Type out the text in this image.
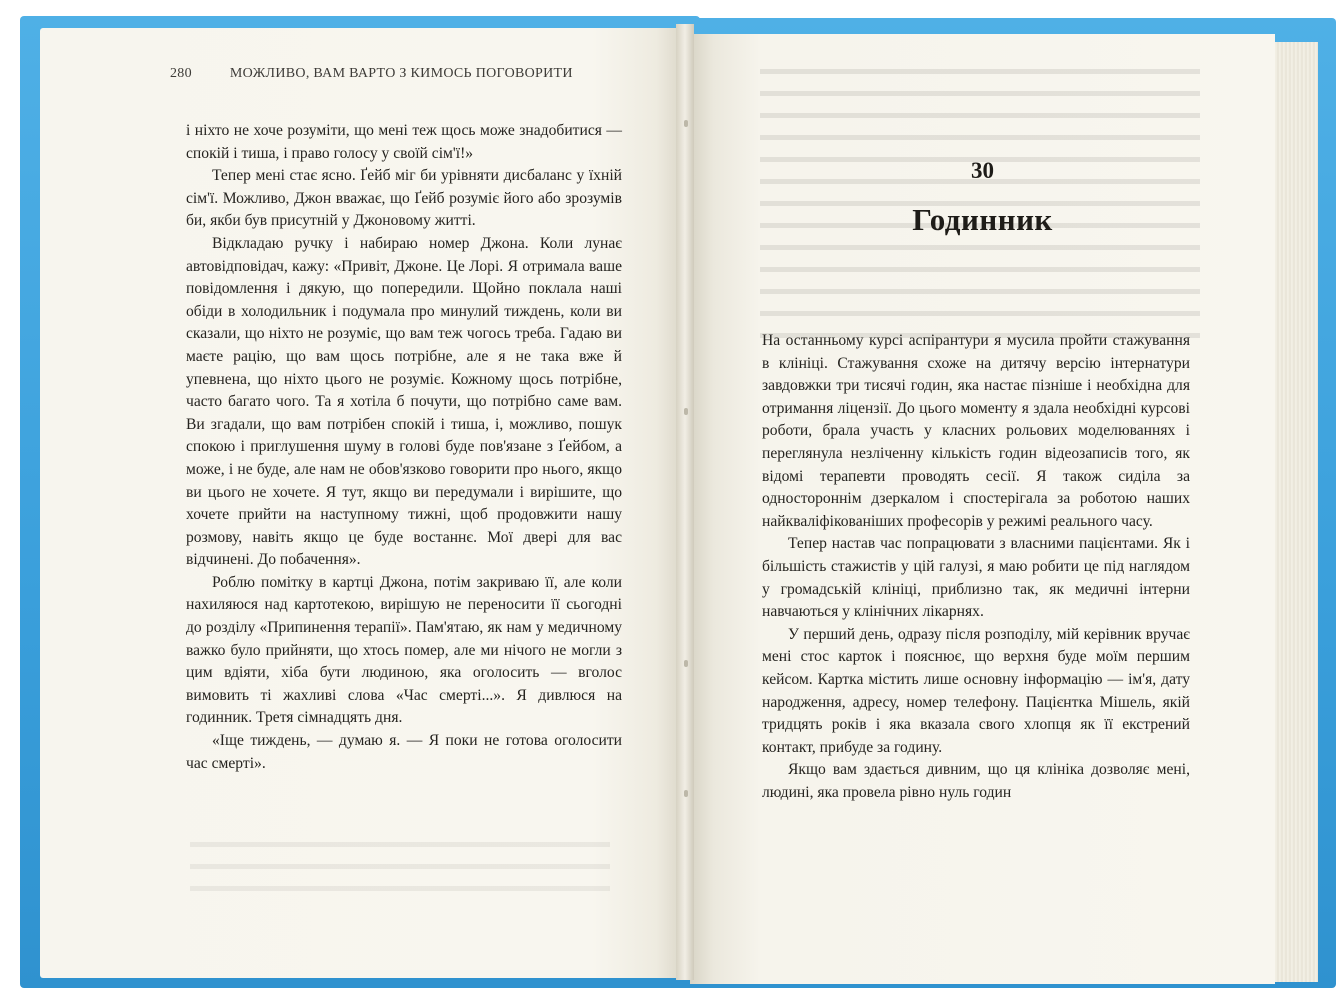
280	МОЖЛИВО, ВАМ ВАРТО З КИМОСЬ ПОГОВОРИТИ

і ніхто не хоче розуміти, що мені теж щось може знадобитися — спокій і тиша, і право голосу у своїй сім'ї!»

Тепер мені стає ясно. Ґейб міг би урівняти дисбаланс у їхній сім'ї. Можливо, Джон вважає, що Ґейб розуміє його або зрозумів би, якби був присутній у Джоновому житті.

Відкладаю ручку і набираю номер Джона. Коли лунає автовідповідач, кажу: «Привіт, Джоне. Це Лорі. Я отримала ваше повідомлення і дякую, що попередили. Щойно поклала наші обіди в холодильник і подумала про минулий тиждень, коли ви сказали, що ніхто не розуміє, що вам теж чогось треба. Гадаю ви маєте рацію, що вам щось потрібне, але я не така вже й упевнена, що ніхто цього не розуміє. Кожному щось потрібне, часто багато чого. Та я хотіла б почути, що потрібно саме вам. Ви згадали, що вам потрібен спокій і тиша, і, можливо, пошук спокою і приглушення шуму в голові буде пов'язане з Ґейбом, а може, і не буде, але нам не обов'язково говорити про нього, якщо ви цього не хочете. Я тут, якщо ви передумали і вирішите, що хочете прийти на наступному тижні, щоб продовжити нашу розмову, навіть якщо це буде востаннє. Мої двері для вас відчинені. До побачення».

Роблю помітку в картці Джона, потім закриваю її, але коли нахиляюся над картотекою, вирішую не переносити її сьогодні до розділу «Припинення терапії». Пам'ятаю, як нам у медичному важко було прийняти, що хтось помер, але ми нічого не могли з цим вдіяти, хіба бути людиною, яка оголосить — вголос вимовить ті жахливі слова «Час смерті...». Я дивлюся на годинник. Третя сімнадцять дня.

«Іще тиждень, — думаю я. — Я поки не готова оголосити час смерті».

30
Годинник

На останньому курсі аспірантури я мусила пройти стажування в клініці. Стажування схоже на дитячу версію інтернатури завдовжки три тисячі годин, яка настає пізніше і необхідна для отримання ліцензії. До цього моменту я здала необхідні курсові роботи, брала участь у класних рольових моделюваннях і переглянула незліченну кількість годин відеозаписів того, як відомі терапевти проводять сесії. Я також сиділа за одностороннім дзеркалом і спостерігала за роботою наших найкваліфікованіших професорів у режимі реального часу.

Тепер настав час попрацювати з власними пацієнтами. Як і більшість стажистів у цій галузі, я маю робити це під наглядом у громадській клініці, приблизно так, як медичні інтерни навчаються у клінічних лікарнях.

У перший день, одразу після розподілу, мій керівник вручає мені стос карток і пояснює, що верхня буде моїм першим кейсом. Картка містить лише основну інформацію — ім'я, дату народження, адресу, номер телефону. Пацієнтка Мішель, якій тридцять років і яка вказала свого хлопця як її екстрений контакт, прибуде за годину.

Якщо вам здається дивним, що ця клініка дозволяє мені, людині, яка провела рівно нуль годин
